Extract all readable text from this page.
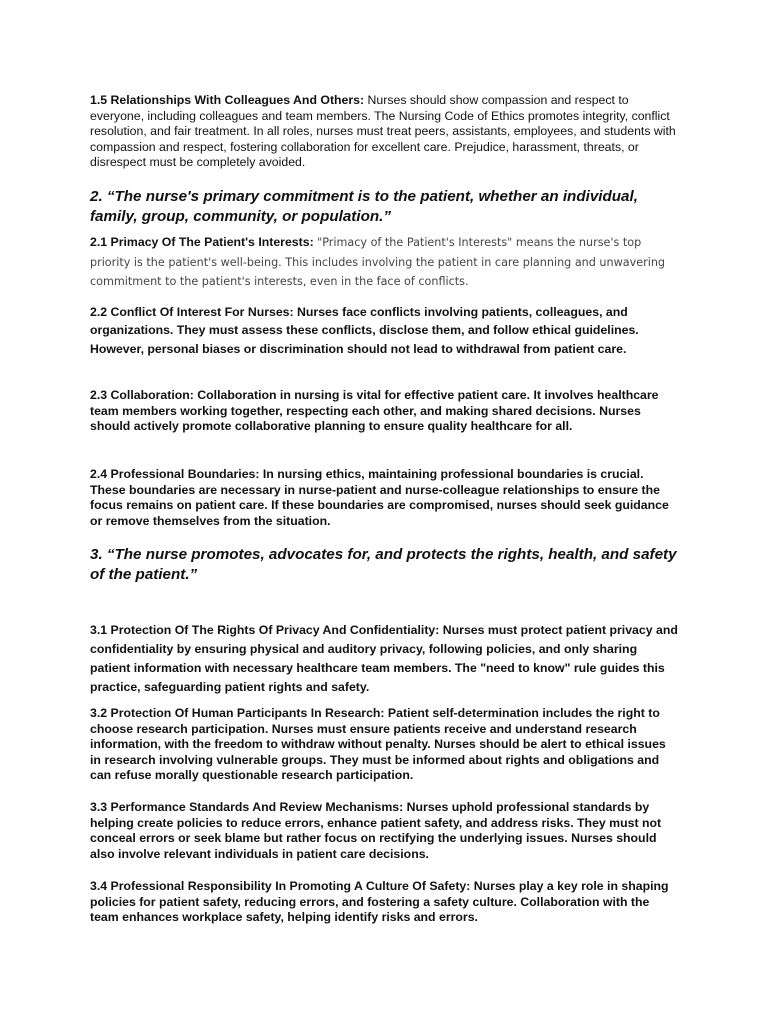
1.5 Relationships With Colleagues And Others: Nurses should show compassion and respect to everyone, including colleagues and team members. The Nursing Code of Ethics promotes integrity, conflict resolution, and fair treatment. In all roles, nurses must treat peers, assistants, employees, and students with compassion and respect, fostering collaboration for excellent care. Prejudice, harassment, threats, or disrespect must be completely avoided.

2. “The nurse's primary commitment is to the patient, whether an individual, family, group, community, or population.”

2.1 Primacy Of The Patient's Interests: "Primacy of the Patient's Interests" means the nurse's top priority is the patient's well-being. This includes involving the patient in care planning and unwavering commitment to the patient's interests, even in the face of conflicts.

2.2 Conflict Of Interest For Nurses: Nurses face conflicts involving patients, colleagues, and organizations. They must assess these conflicts, disclose them, and follow ethical guidelines. However, personal biases or discrimination should not lead to withdrawal from patient care.

2.3 Collaboration: Collaboration in nursing is vital for effective patient care. It involves healthcare team members working together, respecting each other, and making shared decisions. Nurses should actively promote collaborative planning to ensure quality healthcare for all.

2.4 Professional Boundaries: In nursing ethics, maintaining professional boundaries is crucial. These boundaries are necessary in nurse-patient and nurse-colleague relationships to ensure the focus remains on patient care. If these boundaries are compromised, nurses should seek guidance or remove themselves from the situation.

3. “The nurse promotes, advocates for, and protects the rights, health, and safety of the patient.”

3.1 Protection Of The Rights Of Privacy And Confidentiality: Nurses must protect patient privacy and confidentiality by ensuring physical and auditory privacy, following policies, and only sharing patient information with necessary healthcare team members. The "need to know" rule guides this practice, safeguarding patient rights and safety.

3.2 Protection Of Human Participants In Research: Patient self-determination includes the right to choose research participation. Nurses must ensure patients receive and understand research information, with the freedom to withdraw without penalty. Nurses should be alert to ethical issues in research involving vulnerable groups. They must be informed about rights and obligations and can refuse morally questionable research participation.

3.3 Performance Standards And Review Mechanisms: Nurses uphold professional standards by helping create policies to reduce errors, enhance patient safety, and address risks. They must not conceal errors or seek blame but rather focus on rectifying the underlying issues. Nurses should also involve relevant individuals in patient care decisions.

3.4 Professional Responsibility In Promoting A Culture Of Safety: Nurses play a key role in shaping policies for patient safety, reducing errors, and fostering a safety culture. Collaboration with the team enhances workplace safety, helping identify risks and errors.
